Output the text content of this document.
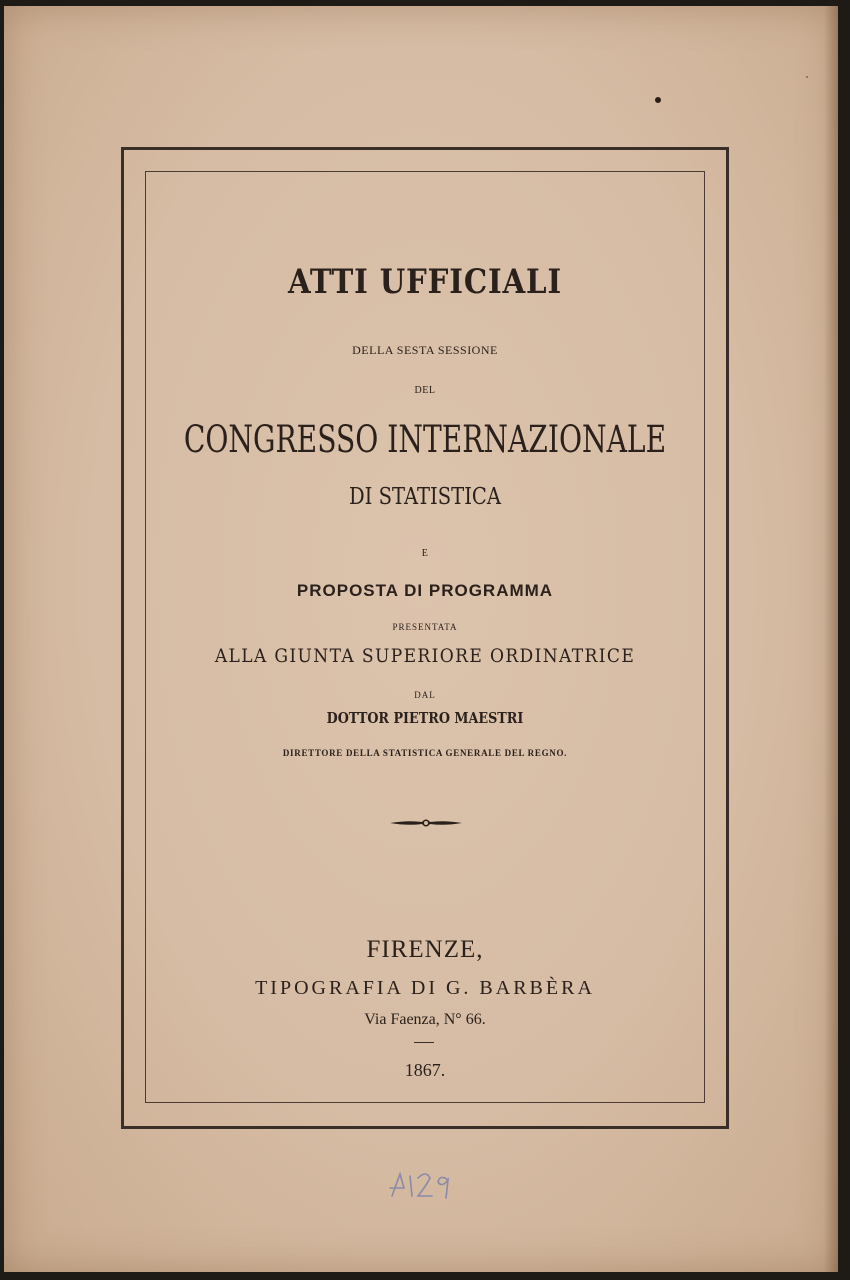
ATTI UFFICIALI
DELLA SESTA SESSIONE
DEL
CONGRESSO INTERNAZIONALE
DI STATISTICA
E
PROPOSTA DI PROGRAMMA
PRESENTATA
ALLA GIUNTA SUPERIORE ORDINATRICE
DAL
DOTTOR PIETRO MAESTRI
DIRETTORE DELLA STATISTICA GENERALE DEL REGNO.
FIRENZE,
TIPOGRAFIA DI G. BARBÈRA
Via Faenza, N° 66.
1867.
